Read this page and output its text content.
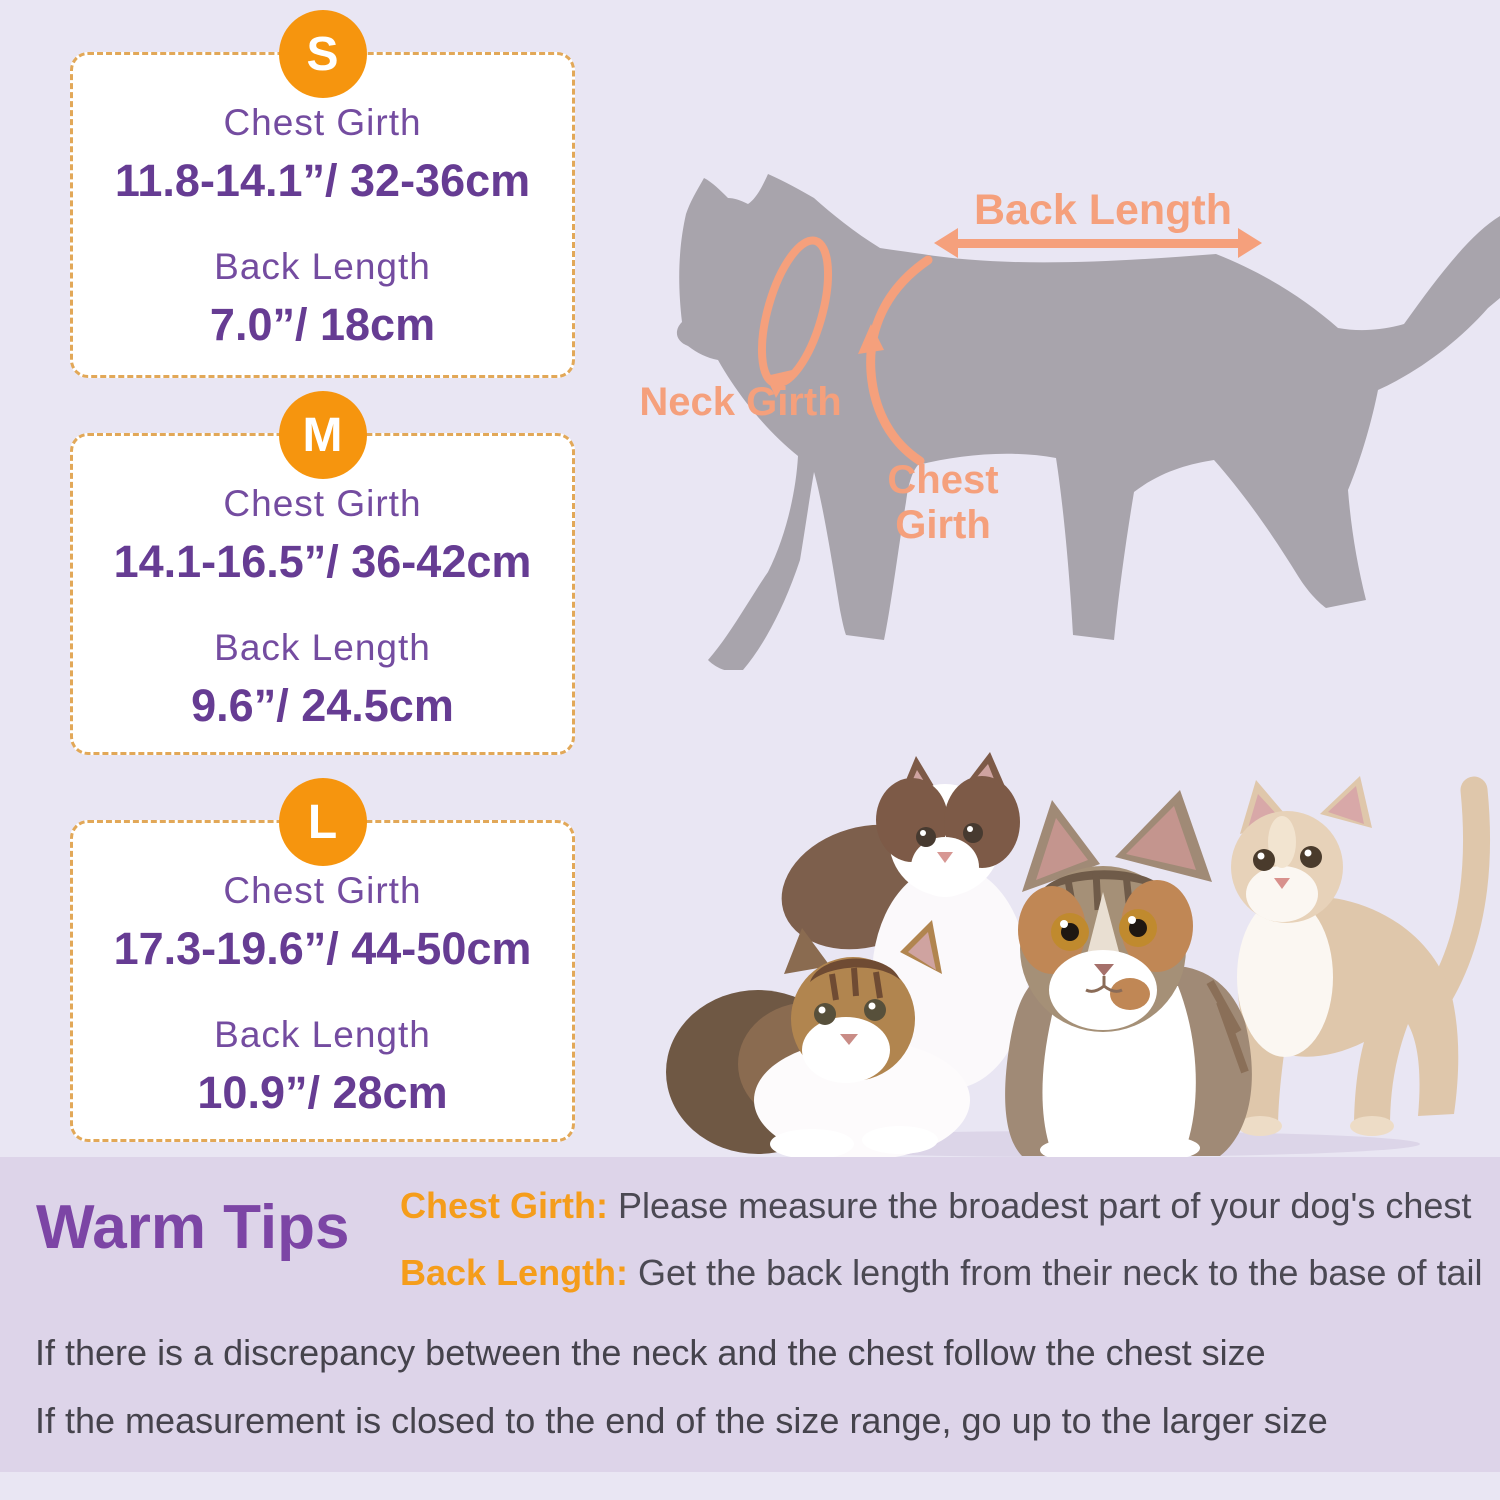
S
Chest Girth
11.8-14.1”/ 32-36cm
Back Length
7.0”/ 18cm
M
Chest Girth
14.1-16.5”/ 36-42cm
Back Length
9.6”/ 24.5cm
L
Chest Girth
17.3-19.6”/ 44-50cm
Back Length
10.9”/ 28cm
Back Length
Neck Girth
Chest Girth
Warm Tips Chest Girth: Please measure the broadest part of your dog's chest
Back Length: Get the back length from their neck to the base of tail
If there is a discrepancy between the neck and the chest follow the chest size
If the measurement is closed to the end of the size range, go up to the larger size
